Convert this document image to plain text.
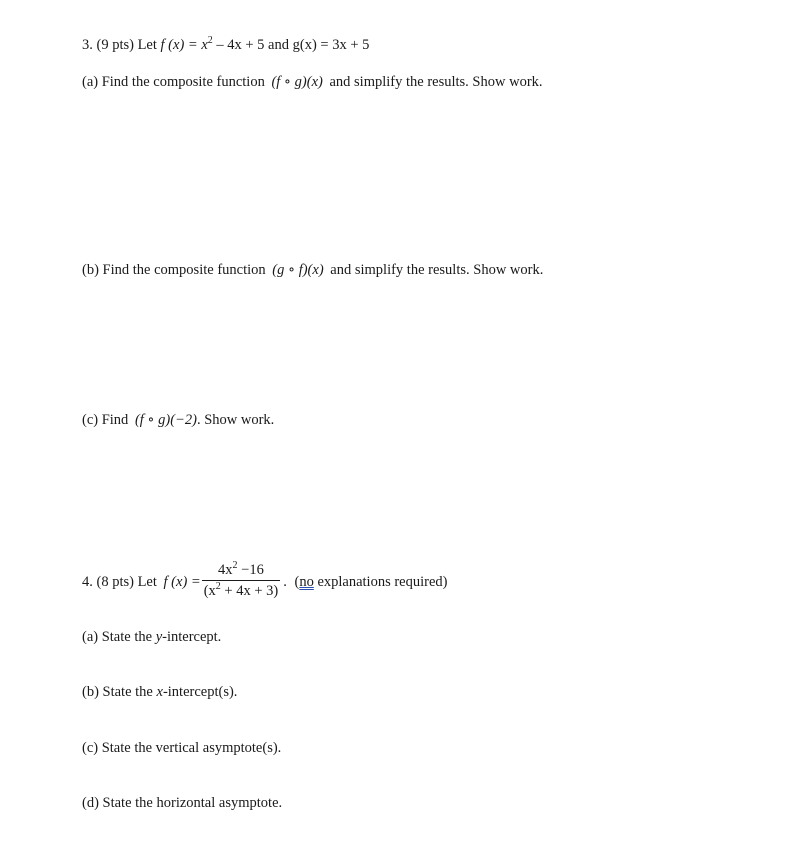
3. (9 pts) Let f $(x) = x^2 - 4x + 5$ and g(x) = 3x + 5
(a) Find the composite function (f ∘ g)(x) and simplify the results. Show work.
(b) Find the composite function (g ∘ f)(x) and simplify the results. Show work.
(c) Find (f ∘ g)(−2). Show work.
4. (8 pts) Let f $(x) = \frac{4x^2 -16}{(x^2 + 4x + 3)}$ . (no explanations required)
(a) State the y-intercept.
(b) State the x-intercept(s).
(c) State the vertical asymptote(s).
(d) State the horizontal asymptote.
